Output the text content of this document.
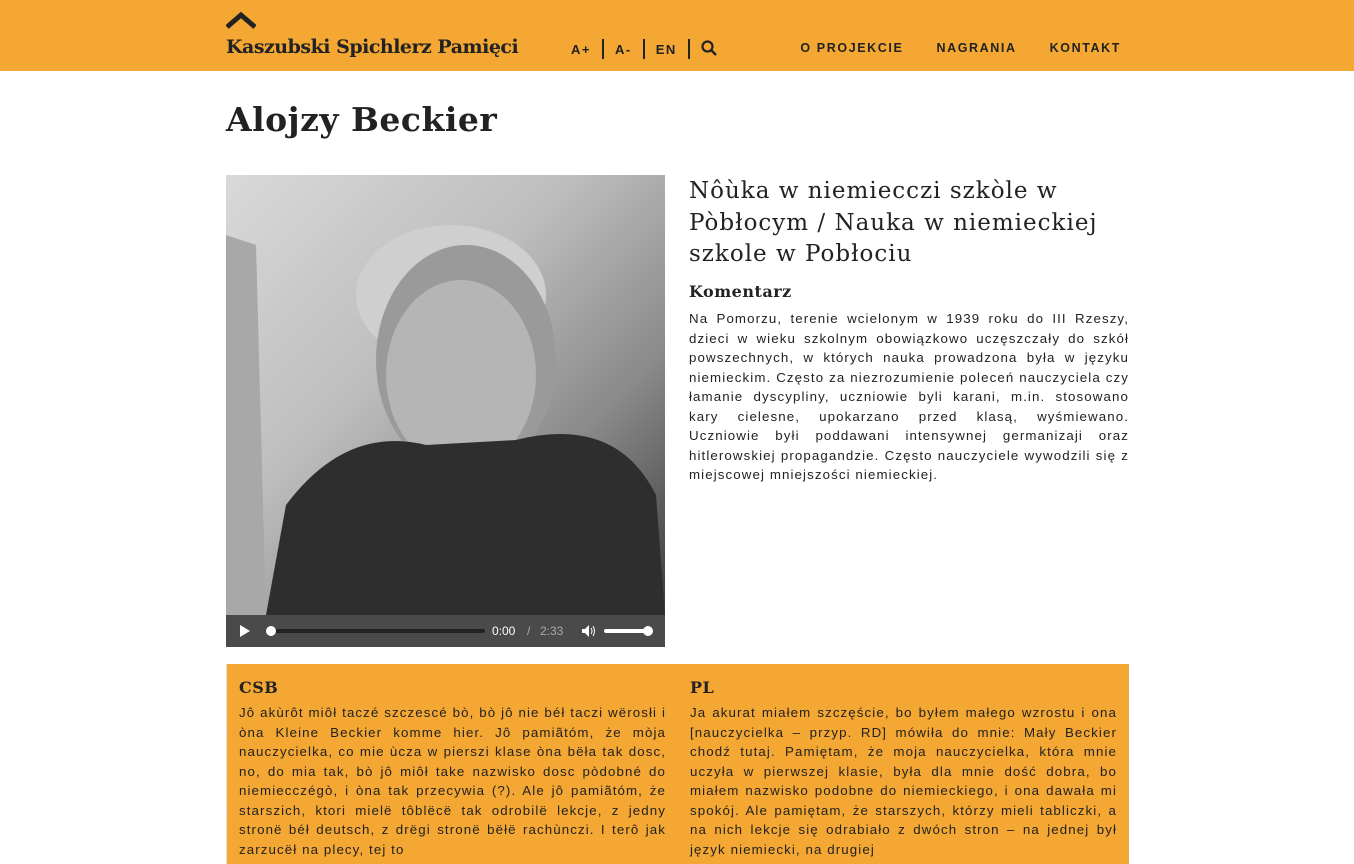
Kaszubski Spichlerz Pamięci	A+	A-	EN	O PROJEKCIE	NAGRANIA	KONTAKT
Alojzy Beckier
0:00 / 2:33
Nôùka w niemiecczi szkòle w Pòbłocym / Nauka w niemieckiej szkole w Pobłociu
Komentarz

Na Pomorzu, terenie wcielonym w 1939 roku do III Rzeszy, dzieci w wieku szkolnym obowiązkowo uczęszczały do szkół powszechnych, w których nauka prowadzona była w języku niemieckim. Często za niezrozumienie poleceń nauczyciela czy łamanie dyscypliny, uczniowie byli karani, m.in. stosowano kary cielesne, upokarzano przed klasą, wyśmiewano. Uczniowie byłi poddawani intensywnej germanizaji oraz hitlerowskiej propagandzie. Często nauczyciele wywodzili się z miejscowej mniejszości niemieckiej.

CSB

Jô akùrôt miôł taczé szczescé bò, bò jô nie béł taczi wërosłi i òna Kleine Beckier komme hier. Jô pamiãtóm, że mòja nauczycielka, co mie ùcza w pierszi klase òna bëła tak dosc, no, do mia tak, bò jô miôł take nazwisko dosc pòdobné do niemiecczégò, i òna tak przecywia (?). Ale jô pamiãtóm, że starszich, ktori mielë tôblëcë tak odrobilë lekcje, z jedny stronë béł deutsch, z drëgi stronë bëłë rachùnczi. I terô jak zarzucëł na plecy, tej to

PL

Ja akurat miałem szczęście, bo byłem małego wzrostu i ona [nauczycielka – przyp. RD] mówiła do mnie: Mały Beckier chodź tutaj. Pamiętam, że moja nauczycielka, która mnie uczyła w pierwszej klasie, była dla mnie dość dobra, bo miałem nazwisko podobne do niemieckiego, i ona dawała mi spokój. Ale pamiętam, że starszych, którzy mieli tabliczki, a na nich lekcje się odrabiało z dwóch stron – na jednej był język niemiecki, na drugiej
